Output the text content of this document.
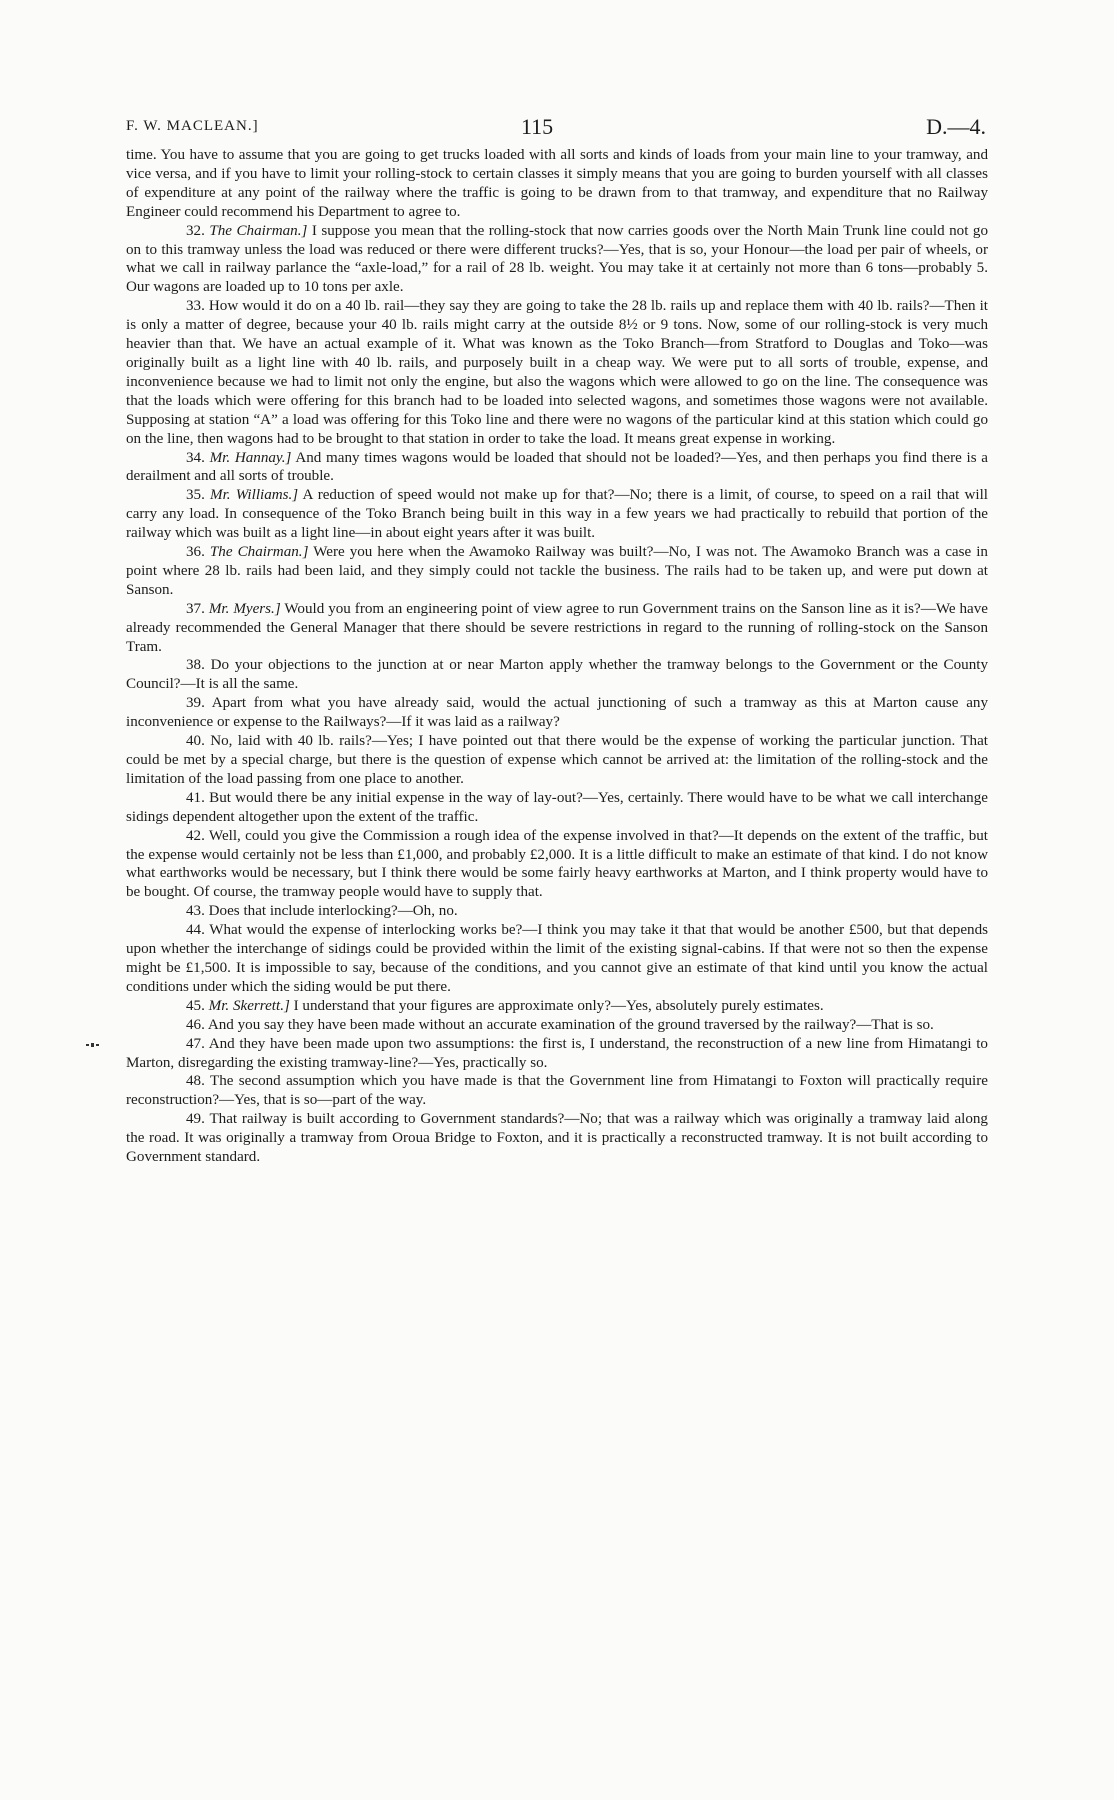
F. W. MACLEAN.]	115	D.—4.

time. You have to assume that you are going to get trucks loaded with all sorts and kinds of loads from your main line to your tramway, and vice versa, and if you have to limit your rolling-stock to certain classes it simply means that you are going to burden yourself with all classes of expenditure at any point of the railway where the traffic is going to be drawn from to that tramway, and expenditure that no Railway Engineer could recommend his Department to agree to.

32. The Chairman.] I suppose you mean that the rolling-stock that now carries goods over the North Main Trunk line could not go on to this tramway unless the load was reduced or there were different trucks?—Yes, that is so, your Honour—the load per pair of wheels, or what we call in railway parlance the “axle-load,” for a rail of 28 lb. weight. You may take it at certainly not more than 6 tons—probably 5. Our wagons are loaded up to 10 tons per axle.

33. How would it do on a 40 lb. rail—they say they are going to take the 28 lb. rails up and replace them with 40 lb. rails?—Then it is only a matter of degree, because your 40 lb. rails might carry at the outside 8½ or 9 tons. Now, some of our rolling-stock is very much heavier than that. We have an actual example of it. What was known as the Toko Branch—from Stratford to Douglas and Toko—was originally built as a light line with 40 lb. rails, and purposely built in a cheap way. We were put to all sorts of trouble, expense, and inconvenience because we had to limit not only the engine, but also the wagons which were allowed to go on the line. The consequence was that the loads which were offering for this branch had to be loaded into selected wagons, and sometimes those wagons were not available. Supposing at station “A” a load was offering for this Toko line and there were no wagons of the particular kind at this station which could go on the line, then wagons had to be brought to that station in order to take the load. It means great expense in working.

34. Mr. Hannay.] And many times wagons would be loaded that should not be loaded?—Yes, and then perhaps you find there is a derailment and all sorts of trouble.

35. Mr. Williams.] A reduction of speed would not make up for that?—No; there is a limit, of course, to speed on a rail that will carry any load. In consequence of the Toko Branch being built in this way in a few years we had practically to rebuild that portion of the railway which was built as a light line—in about eight years after it was built.

36. The Chairman.] Were you here when the Awamoko Railway was built?—No, I was not. The Awamoko Branch was a case in point where 28 lb. rails had been laid, and they simply could not tackle the business. The rails had to be taken up, and were put down at Sanson.

37. Mr. Myers.] Would you from an engineering point of view agree to run Government trains on the Sanson line as it is?—We have already recommended the General Manager that there should be severe restrictions in regard to the running of rolling-stock on the Sanson Tram.

38. Do your objections to the junction at or near Marton apply whether the tramway belongs to the Government or the County Council?—It is all the same.

39. Apart from what you have already said, would the actual junctioning of such a tramway as this at Marton cause any inconvenience or expense to the Railways?—If it was laid as a railway?

40. No, laid with 40 lb. rails?—Yes; I have pointed out that there would be the expense of working the particular junction. That could be met by a special charge, but there is the question of expense which cannot be arrived at: the limitation of the rolling-stock and the limitation of the load passing from one place to another.

41. But would there be any initial expense in the way of lay-out?—Yes, certainly. There would have to be what we call interchange sidings dependent altogether upon the extent of the traffic.

42. Well, could you give the Commission a rough idea of the expense involved in that?—It depends on the extent of the traffic, but the expense would certainly not be less than £1,000, and probably £2,000. It is a little difficult to make an estimate of that kind. I do not know what earthworks would be necessary, but I think there would be some fairly heavy earthworks at Marton, and I think property would have to be bought. Of course, the tramway people would have to supply that.

43. Does that include interlocking?—Oh, no.

44. What would the expense of interlocking works be?—I think you may take it that that would be another £500, but that depends upon whether the interchange of sidings could be provided within the limit of the existing signal-cabins. If that were not so then the expense might be £1,500. It is impossible to say, because of the conditions, and you cannot give an estimate of that kind until you know the actual conditions under which the siding would be put there.

45. Mr. Skerrett.] I understand that your figures are approximate only?—Yes, absolutely purely estimates.

46. And you say they have been made without an accurate examination of the ground traversed by the railway?—That is so.

47. And they have been made upon two assumptions: the first is, I understand, the reconstruction of a new line from Himatangi to Marton, disregarding the existing tramway-line?—Yes, practically so.

48. The second assumption which you have made is that the Government line from Himatangi to Foxton will practically require reconstruction?—Yes, that is so—part of the way.

49. That railway is built according to Government standards?—No; that was a railway which was originally a tramway laid along the road. It was originally a tramway from Oroua Bridge to Foxton, and it is practically a reconstructed tramway. It is not built according to Government standard.
